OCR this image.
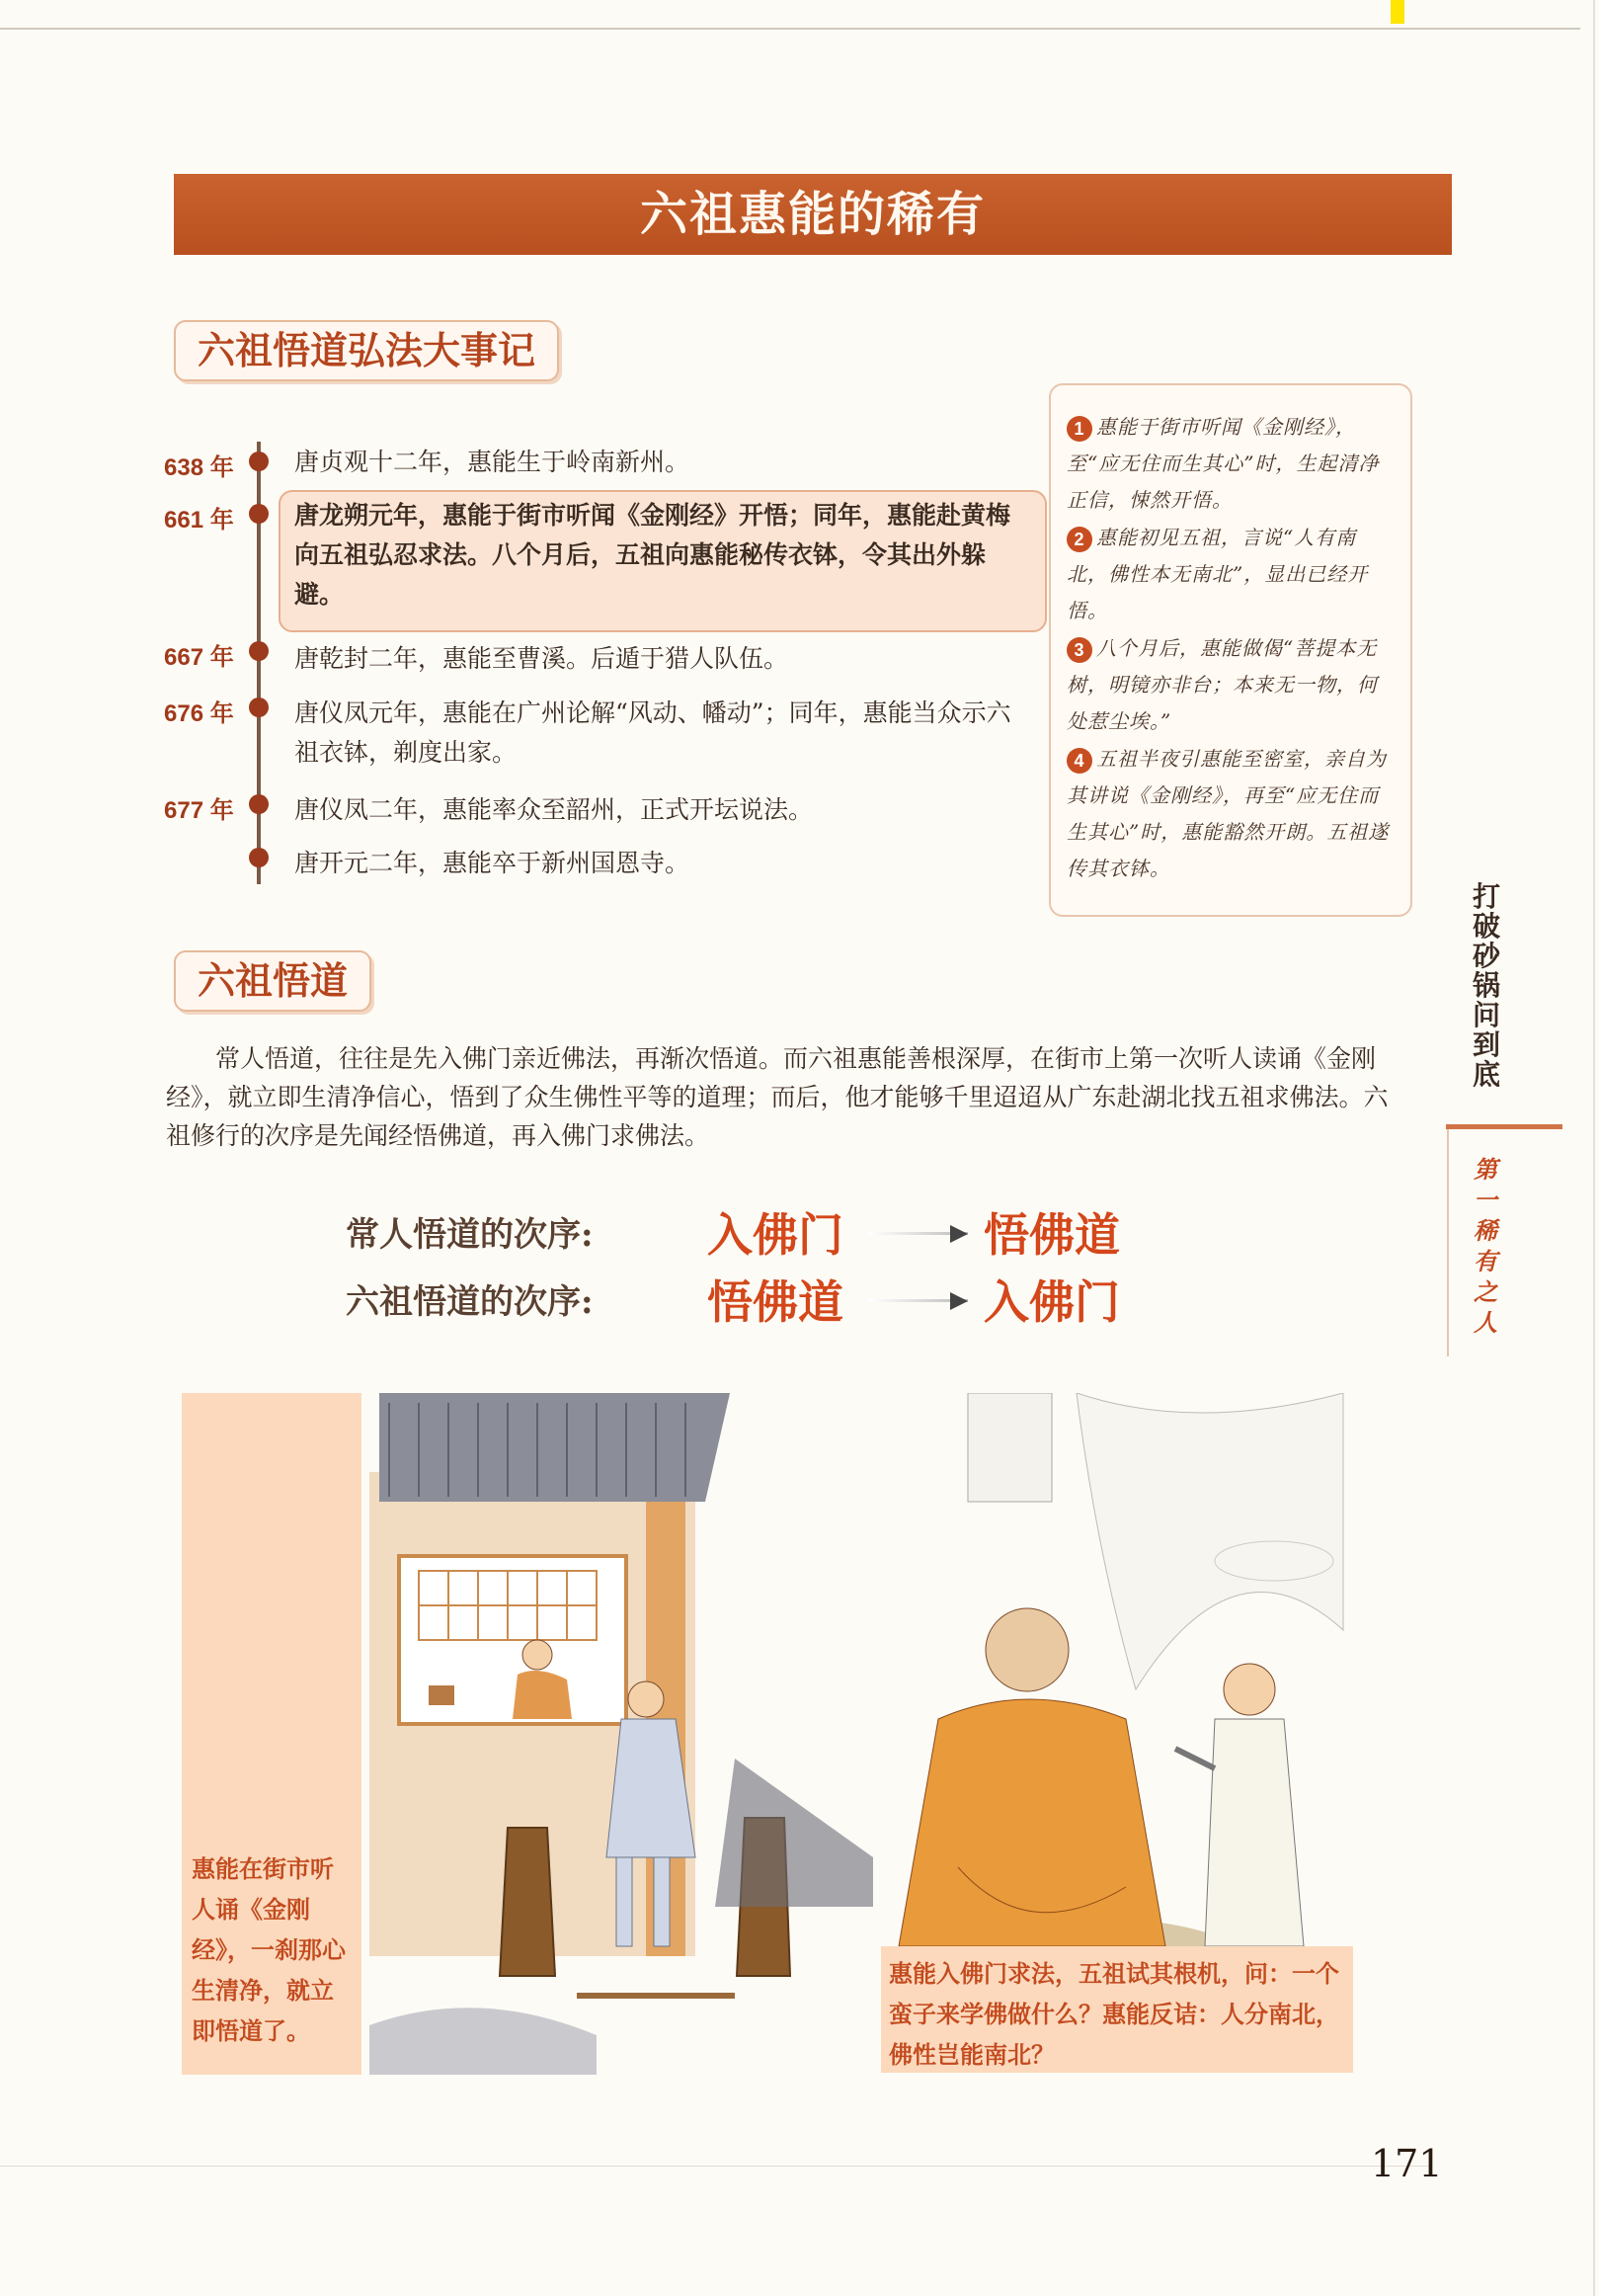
六祖惠能的稀有
六祖悟道弘法大事记
638 年	唐贞观十二年，惠能生于岭南新州。
661 年	唐龙朔元年，惠能于街市听闻《金刚经》开悟；同年，惠能赴黄梅向五祖弘忍求法。八个月后，五祖向惠能秘传衣钵，令其出外躲避。
667 年	唐乾封二年，惠能至曹溪。后遁于猎人队伍。
676 年	唐仪凤元年，惠能在广州论解“风动、幡动”；同年，惠能当众示六祖衣钵，剃度出家。
677 年	唐仪凤二年，惠能率众至韶州，正式开坛说法。
唐开元二年，惠能卒于新州国恩寺。
1 惠能于街市听闻《金刚经》，至“应无住而生其心”时，生起清净正信，悚然开悟。
2 惠能初见五祖，言说“人有南北，佛性本无南北”，显出已经开悟。
3 八个月后，惠能做偈“菩提本无树，明镜亦非台；本来无一物，何处惹尘埃。”
4 五祖半夜引惠能至密室，亲自为其讲说《金刚经》，再至“应无住而生其心”时，惠能豁然开朗。五祖遂传其衣钵。
打破砂锅问到底
第一稀有之人
六祖悟道
常人悟道，往往是先入佛门亲近佛法，再渐次悟道。而六祖惠能善根深厚，在街市上第一次听人读诵《金刚经》，就立即生清净信心，悟到了众生佛性平等的道理；而后，他才能够千里迢迢从广东赴湖北找五祖求佛法。六祖修行的次序是先闻经悟佛道，再入佛门求佛法。
常人悟道的次序:	入佛门	悟佛道
六祖悟道的次序:	悟佛道	入佛门
惠能在街市听人诵《金刚经》，一刹那心生清净，就立即悟道了。
惠能入佛门求法，五祖试其根机，问：一个蛮子来学佛做什么？惠能反诘：人分南北，佛性岂能南北？
171
